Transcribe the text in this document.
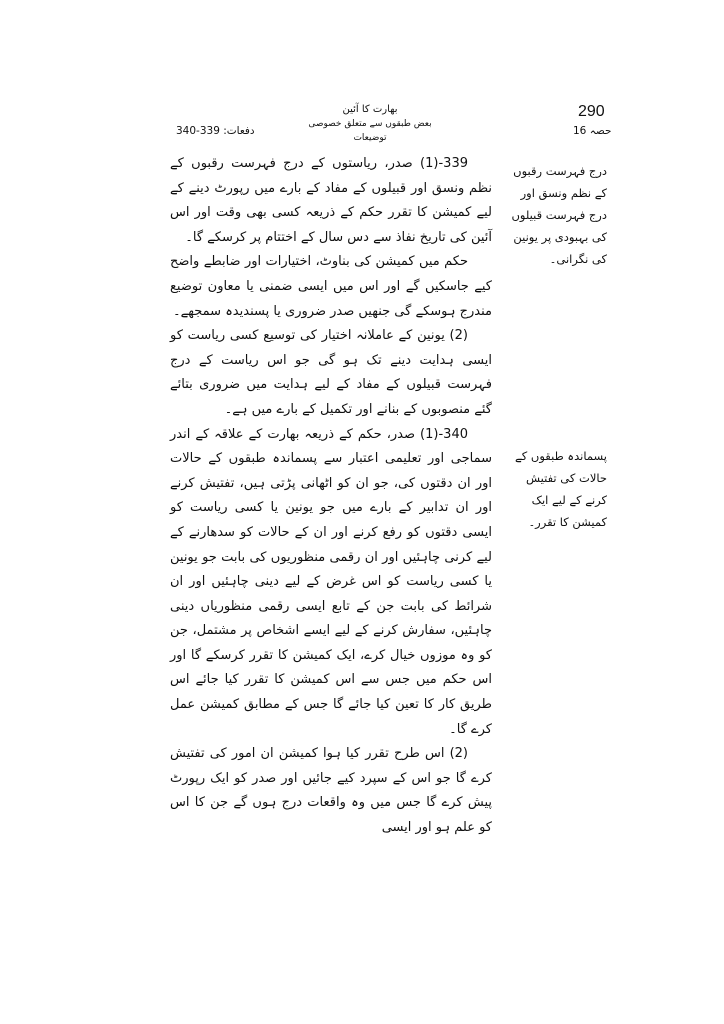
290
حصہ 16
بھارت کا آئین
بعض طبقوں سے متعلق خصوصی توضیعات
دفعات: 339-340
درج فہرست رقبوں کے نظم ونسق اور درج فہرست قبیلوں کی بہبودی پر یونین کی نگرانی۔
پسماندہ طبقوں کے حالات کی تفتیش کرنے کے لیے ایک کمیشن کا تقرر۔

339-(1) صدر، ریاستوں کے درج فہرست رقبوں کے نظم ونسق اور قبیلوں کے مفاد کے بارے میں رپورٹ دینے کے لیے کمیشن کا تقرر حکم کے ذریعہ کسی بھی وقت اور اس آئین کی تاریخ نفاذ سے دس سال کے اختتام پر کرسکے گا۔

حکم میں کمیشن کی بناوٹ، اختیارات اور ضابطے واضح کیے جاسکیں گے اور اس میں ایسی ضمنی یا معاون توضیع مندرج ہوسکے گی جنھیں صدر ضروری یا پسندیدہ سمجھے۔

(2) یونین کے عاملانہ اختیار کی توسیع کسی ریاست کو ایسی ہدایت دینے تک ہو گی جو اس ریاست کے درج فہرست قبیلوں کے مفاد کے لیے ہدایت میں ضروری بتائے گئے منصوبوں کے بنانے اور تکمیل کے بارے میں ہے۔

340-(1) صدر، حکم کے ذریعہ بھارت کے علاقہ کے اندر سماجی اور تعلیمی اعتبار سے پسماندہ طبقوں کے حالات اور ان دقتوں کی، جو ان کو اٹھانی پڑتی ہیں، تفتیش کرنے اور ان تدابیر کے بارے میں جو یونین یا کسی ریاست کو ایسی دقتوں کو رفع کرنے اور ان کے حالات کو سدھارنے کے لیے کرنی چاہئیں اور ان رقمی منظوریوں کی بابت جو یونین یا کسی ریاست کو اس غرض کے لیے دینی چاہئیں اور ان شرائط کی بابت جن کے تابع ایسی رقمی منظوریاں دینی چاہئیں، سفارش کرنے کے لیے ایسے اشخاص پر مشتمل، جن کو وہ موزوں خیال کرے، ایک کمیشن کا تقرر کرسکے گا اور اس حکم میں جس سے اس کمیشن کا تقرر کیا جائے اس طریق کار کا تعین کیا جائے گا جس کے مطابق کمیشن عمل کرے گا۔

(2) اس طرح تقرر کیا ہوا کمیشن ان امور کی تفتیش کرے گا جو اس کے سپرد کیے جائیں اور صدر کو ایک رپورٹ پیش کرے گا جس میں وہ واقعات درج ہوں گے جن کا اس کو علم ہو اور ایسی
